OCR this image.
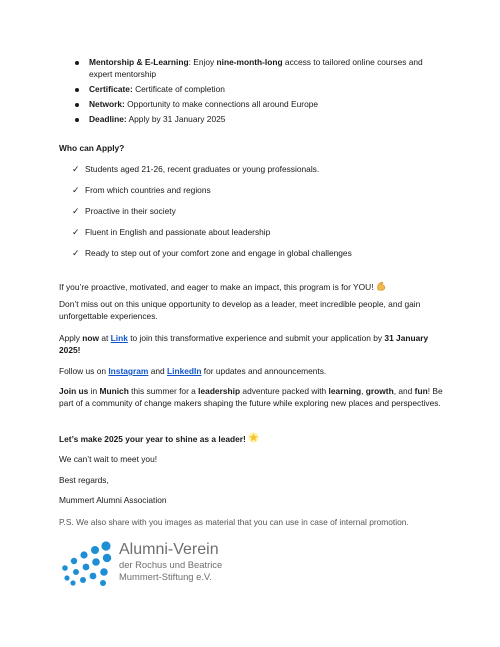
Mentorship & E-Learning: Enjoy nine-month-long access to tailored online courses and expert mentorship
Certificate: Certificate of completion
Network: Opportunity to make connections all around Europe
Deadline: Apply by 31 January 2025

Who can Apply?

✓ Students aged 21-26, recent graduates or young professionals.
✓ From which countries and regions
✓ Proactive in their society
✓ Fluent in English and passionate about leadership
✓ Ready to step out of your comfort zone and engage in global challenges

If you’re proactive, motivated, and eager to make an impact, this program is for YOU!

Don’t miss out on this unique opportunity to develop as a leader, meet incredible people, and gain unforgettable experiences.

Apply now at Link to join this transformative experience and submit your application by 31 January 2025!

Follow us on Instagram and LinkedIn for updates and announcements.

Join us in Munich this summer for a leadership adventure packed with learning, growth, and fun! Be part of a community of change makers shaping the future while exploring new places and perspectives.

Let’s make 2025 your year to shine as a leader!

We can’t wait to meet you!

Best regards,

Mummert Alumni Association

P.S. We also share with you images as material that you can use in case of internal promotion.

Alumni-Verein
der Rochus und Beatrice
Mummert-Stiftung e.V.
